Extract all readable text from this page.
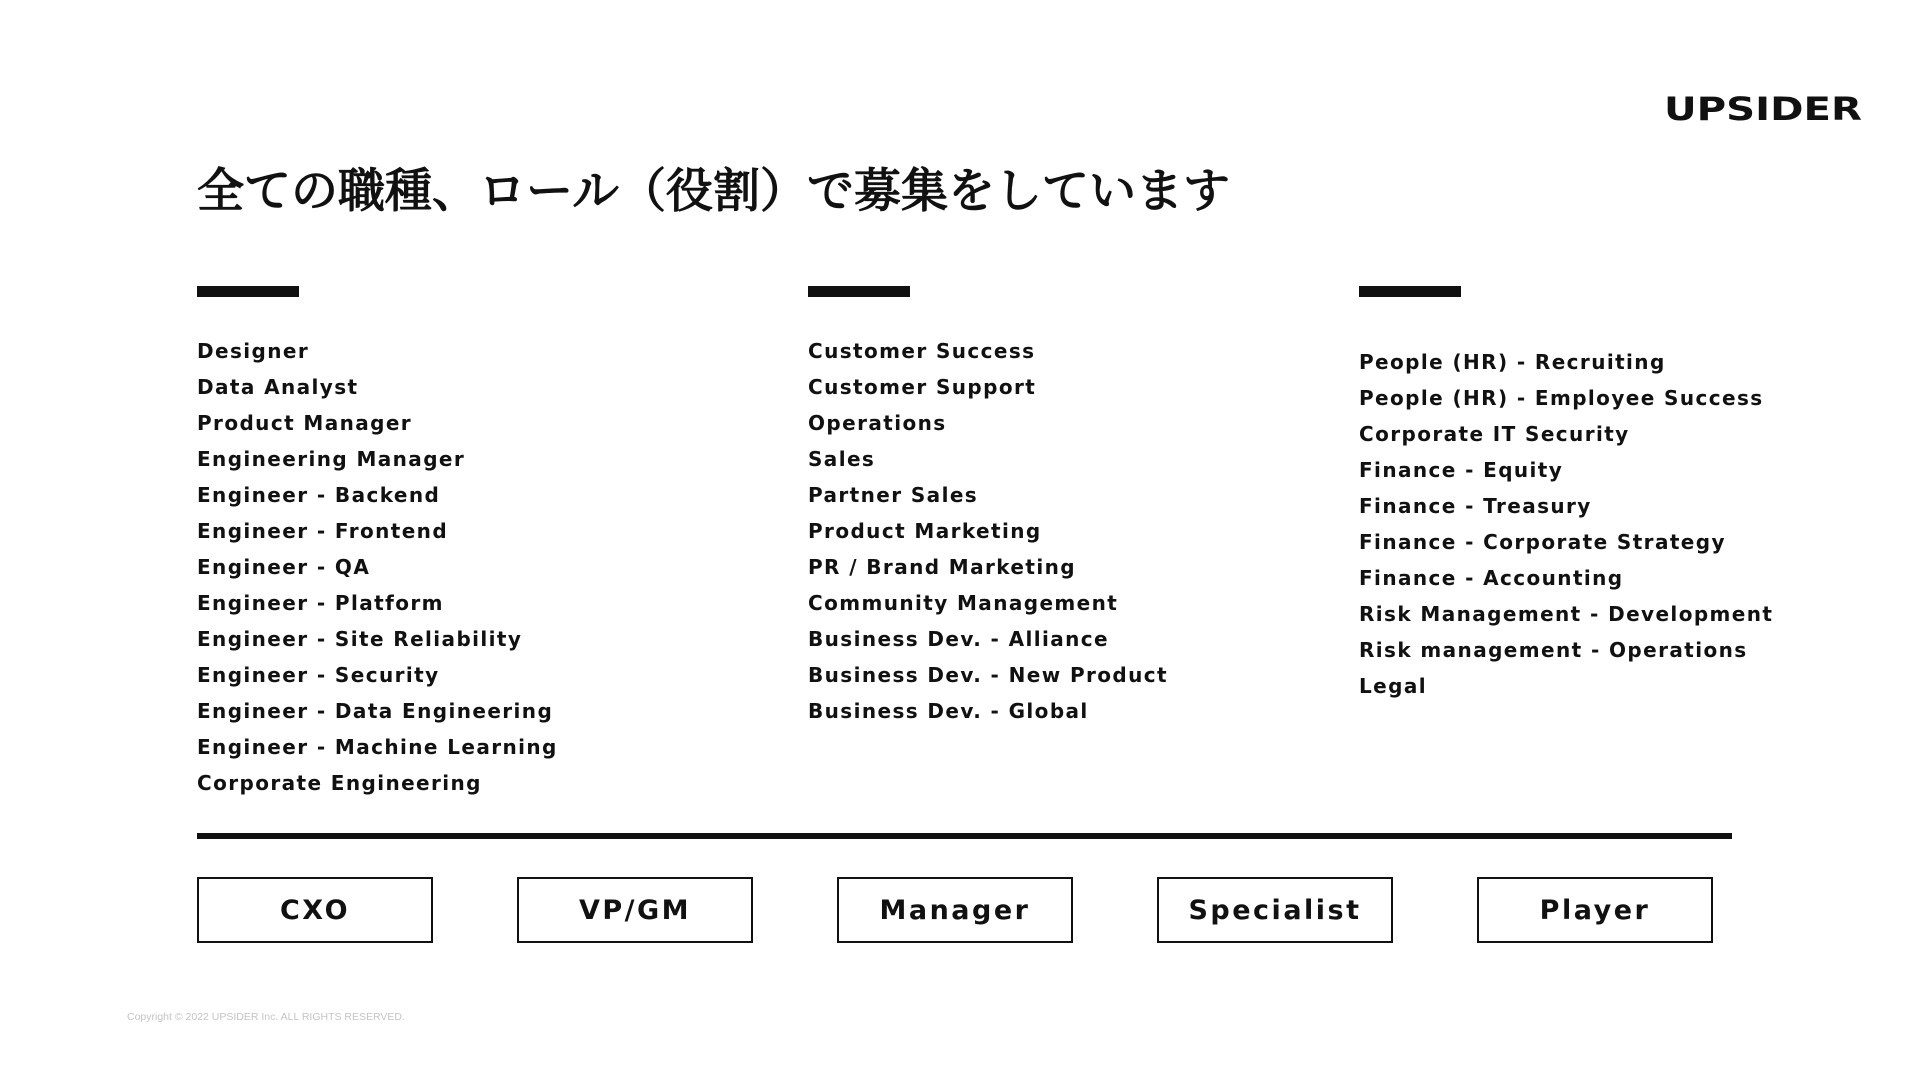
UPSIDER
全ての職種、ロール（役割）で募集をしています
Designer
Data Analyst
Product Manager
Engineering Manager
Engineer - Backend
Engineer - Frontend
Engineer - QA
Engineer - Platform
Engineer - Site Reliability
Engineer - Security
Engineer - Data Engineering
Engineer - Machine Learning
Corporate Engineering
Customer Success
Customer Support
Operations
Sales
Partner Sales
Product Marketing
PR / Brand Marketing
Community Management
Business Dev. - Alliance
Business Dev. - New Product
Business Dev. - Global
People (HR) - Recruiting
People (HR) - Employee Success
Corporate IT Security
Finance - Equity
Finance - Treasury
Finance - Corporate Strategy
Finance - Accounting
Risk Management - Development
Risk management - Operations
Legal
CXO	VP/GM	Manager	Specialist	Player
Copyright © 2022 UPSIDER Inc. ALL RIGHTS RESERVED.
